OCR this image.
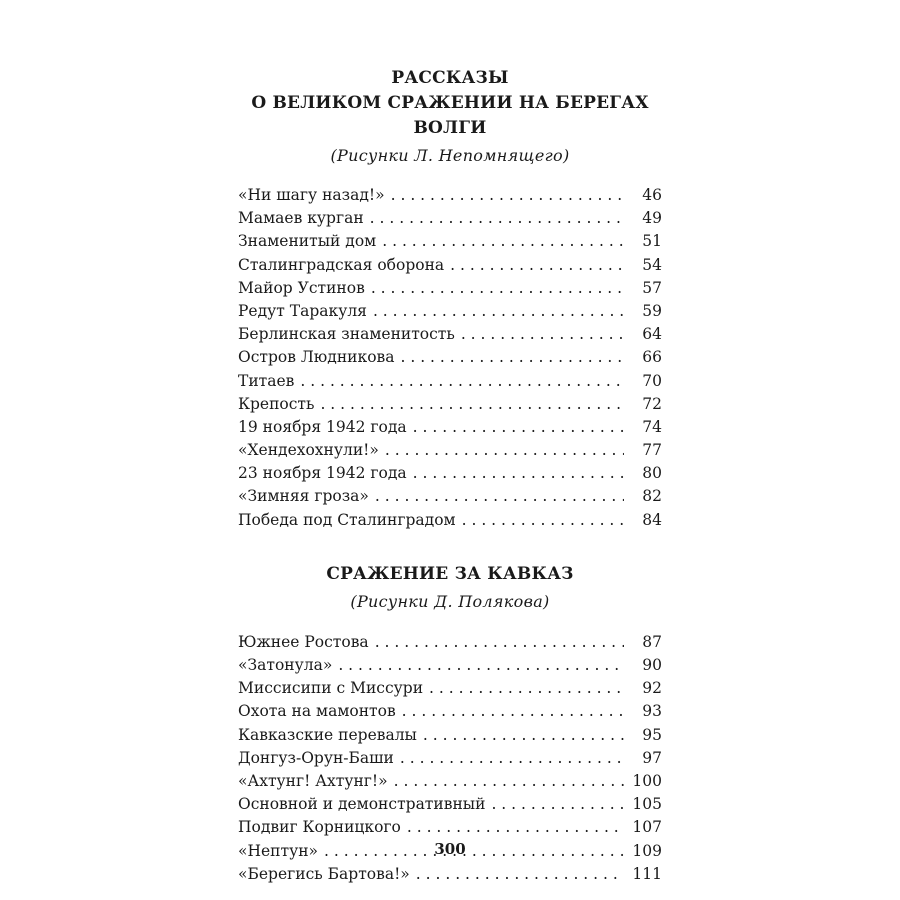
РАССКАЗЫ

О ВЕЛИКОМ СРАЖЕНИИ НА БЕРЕГАХ ВОЛГИ

(Рисунки Л. Непомнящего)

«Ни шагу назад!» . . .	46
Мамаев курган . . .	49
Знаменитый дом . . .	51
Сталинградская оборона . . .	54
Майор Устинов . . .	57
Редут Таракуля . . .	59
Берлинская знаменитость . . .	64
Остров Людникова . . .	66
Титаев . . .	70
Крепость . . .	72
19 ноября 1942 года . . .	74
«Хендехохнули!» . . .	77
23 ноября 1942 года . . .	80
«Зимняя гроза» . . .	82
Победа под Сталинградом . . .	84

СРАЖЕНИЕ ЗА КАВКАЗ

(Рисунки Д. Полякова)

Южнее Ростова . . .	87
«Затонула» . . .	90
Миссисипи с Миссури . . .	92
Охота на мамонтов . . .	93
Кавказские перевалы . . .	95
Донгуз-Орун-Баши . . .	97
«Ахтунг! Ахтунг!» . . .	100
Основной и демонстративный . . .	105
Подвиг Корницкого . . .	107
«Нептун» . . .	109
«Берегись Бартова!» . . .	111
300
